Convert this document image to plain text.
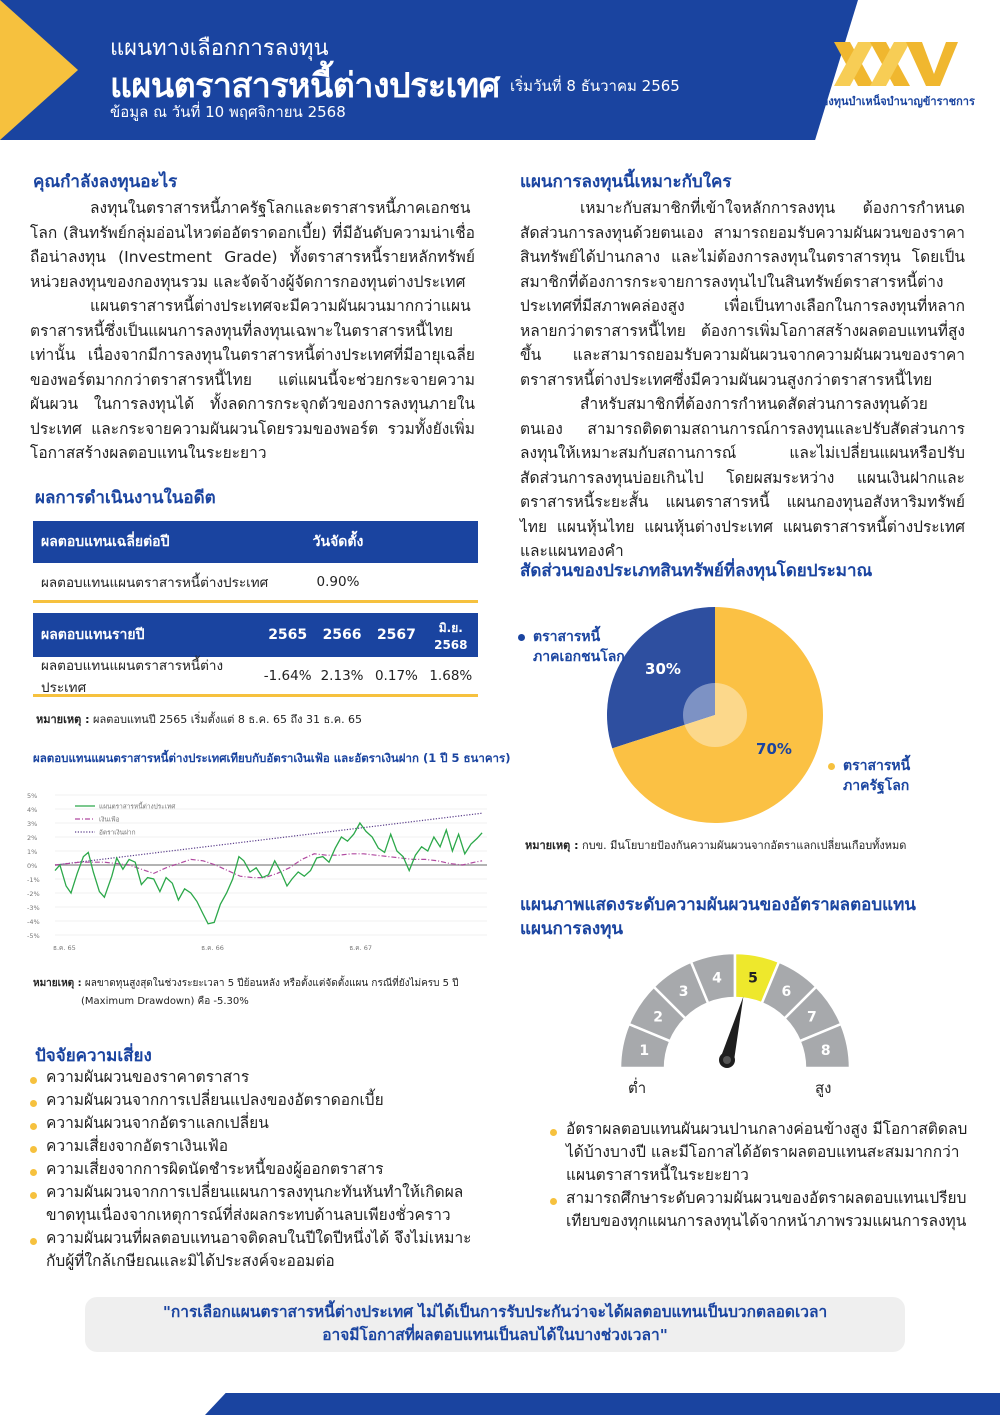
แผนทางเลือกการลงทุน
แผนตราสารหนี้ต่างประเทศ เริ่มวันที่ 8 ธันวาคม 2565
ข้อมูล ณ วันที่ 10 พฤศจิกายน 2568
กองทุนบำเหน็จบำนาญข้าราชการ
คุณกำลังลงทุนอะไร

ลงทุนในตราสารหนี้ภาครัฐโลกและตราสารหนี้ภาคเอกชนโลก (สินทรัพย์กลุ่มอ่อนไหวต่ออัตราดอกเบี้ย) ที่มีอันดับความน่าเชื่อถือน่าลงทุน (Investment Grade) ทั้งตราสารหนี้รายหลักทรัพย์ หน่วยลงทุนของกองทุนรวม และจัดจ้างผู้จัดการกองทุนต่างประเทศ

แผนตราสารหนี้ต่างประเทศจะมีความผันผวนมากกว่าแผนตราสารหนี้ซึ่งเป็นแผนการลงทุนที่ลงทุนเฉพาะในตราสารหนี้ไทยเท่านั้น เนื่องจากมีการลงทุนในตราสารหนี้ต่างประเทศที่มีอายุเฉลี่ยของพอร์ตมากกว่าตราสารหนี้ไทย แต่แผนนี้จะช่วยกระจายความผันผวน ในการลงทุนได้ ทั้งลดการกระจุกตัวของการลงทุนภายในประเทศ และกระจายความผันผวนโดยรวมของพอร์ต รวมทั้งยังเพิ่มโอกาสสร้างผลตอบแทนในระยะยาว

แผนการลงทุนนี้เหมาะกับใคร

เหมาะกับสมาชิกที่เข้าใจหลักการลงทุน ต้องการกำหนดสัดส่วนการลงทุนด้วยตนเอง สามารถยอมรับความผันผวนของราคาสินทรัพย์ได้ปานกลาง และไม่ต้องการลงทุนในตราสารทุน โดยเป็นสมาชิกที่ต้องการกระจายการลงทุนไปในสินทรัพย์ตราสารหนี้ต่างประเทศที่มีสภาพคล่องสูง เพื่อเป็นทางเลือกในการลงทุนที่หลากหลายกว่าตราสารหนี้ไทย ต้องการเพิ่มโอกาสสร้างผลตอบแทนที่สูงขึ้น และสามารถยอมรับความผันผวนจากความผันผวนของราคาตราสารหนี้ต่างประเทศซึ่งมีความผันผวนสูงกว่าตราสารหนี้ไทย

สำหรับสมาชิกที่ต้องการกำหนดสัดส่วนการลงทุนด้วยตนเอง สามารถติดตามสถานการณ์การลงทุนและปรับสัดส่วนการลงทุนให้เหมาะสมกับสถานการณ์ และไม่เปลี่ยนแผนหรือปรับสัดส่วนการลงทุนบ่อยเกินไป โดยผสมระหว่าง แผนเงินฝากและตราสารหนี้ระยะสั้น แผนตราสารหนี้ แผนกองทุนอสังหาริมทรัพย์ไทย แผนหุ้นไทย แผนหุ้นต่างประเทศ แผนตราสารหนี้ต่างประเทศ และแผนทองคำ

ผลการดำเนินงานในอดีต
ผลตอบแทนเฉลี่ยต่อปี	วันจัดตั้ง
ผลตอบแทนแผนตราสารหนี้ต่างประเทศ	0.90%
ผลตอบแทนรายปี	2565	2566	2567	มิ.ย. 2568
ผลตอบแทนแผนตราสารหนี้ต่างประเทศ
-1.64% 2.13% 0.17% 1.68%
หมายเหตุ : ผลตอบแทนปี 2565 เริ่มตั้งแต่ 8 ธ.ค. 65 ถึง 31 ธ.ค. 65
ผลตอบแทนแผนตราสารหนี้ต่างประเทศเทียบกับอัตราเงินเฟ้อ และอัตราเงินฝาก (1 ปี 5 ธนาคาร)
5%
4%
3%
2%
1%
0%
-1%
-2%
-3%
-4%
-5%
ธ.ค. 65	ธ.ค. 66	ธ.ค. 67
แผนตราสารหนี้ต่างประเทศ
เงินเฟ้อ
อัตราเงินฝาก
หมายเหตุ : ผลขาดทุนสูงสุดในช่วงระยะเวลา 5 ปีย้อนหลัง หรือตั้งแต่จัดตั้งแผน กรณีที่ยังไม่ครบ 5 ปี
(Maximum Drawdown) คือ -5.30%
ปัจจัยความเสี่ยง
ความผันผวนของราคาตราสาร
ความผันผวนจากการเปลี่ยนแปลงของอัตราดอกเบี้ย
ความผันผวนจากอัตราแลกเปลี่ยน
ความเสี่ยงจากอัตราเงินเฟ้อ
ความเสี่ยงจากการผิดนัดชำระหนี้ของผู้ออกตราสาร
ความผันผวนจากการเปลี่ยนแผนการลงทุนกะทันหันทำให้เกิดผลขาดทุนเนื่องจากเหตุการณ์ที่ส่งผลกระทบด้านลบเพียงชั่วคราว
ความผันผวนที่ผลตอบแทนอาจติดลบในปีใดปีหนึ่งได้ จึงไม่เหมาะกับผู้ที่ใกล้เกษียณและมิได้ประสงค์จะออมต่อ
สัดส่วนของประเภทสินทรัพย์ที่ลงทุนโดยประมาณ
30%
70%
ตราสารหนี้
ภาคเอกชนโลก
ตราสารหนี้
ภาครัฐโลก
หมายเหตุ : กบข. มีนโยบายป้องกันความผันผวนจากอัตราแลกเปลี่ยนเกือบทั้งหมด
แผนภาพแสดงระดับความผันผวนของอัตราผลตอบแทน
แผนการลงทุน
1
2
3
4 5
6
7
8
ต่ำ	สูง
อัตราผลตอบแทนผันผวนปานกลางค่อนข้างสูง มีโอกาสติดลบได้บ้างบางปี และมีโอกาสได้อัตราผลตอบแทนสะสมมากกว่าแผนตราสารหนี้ในระยะยาว
สามารถศึกษาระดับความผันผวนของอัตราผลตอบแทนเปรียบเทียบของทุกแผนการลงทุนได้จากหน้าภาพรวมแผนการลงทุน
"การเลือกแผนตราสารหนี้ต่างประเทศ ไม่ได้เป็นการรับประกันว่าจะได้ผลตอบแทนเป็นบวกตลอดเวลา
อาจมีโอกาสที่ผลตอบแทนเป็นลบได้ในบางช่วงเวลา"
